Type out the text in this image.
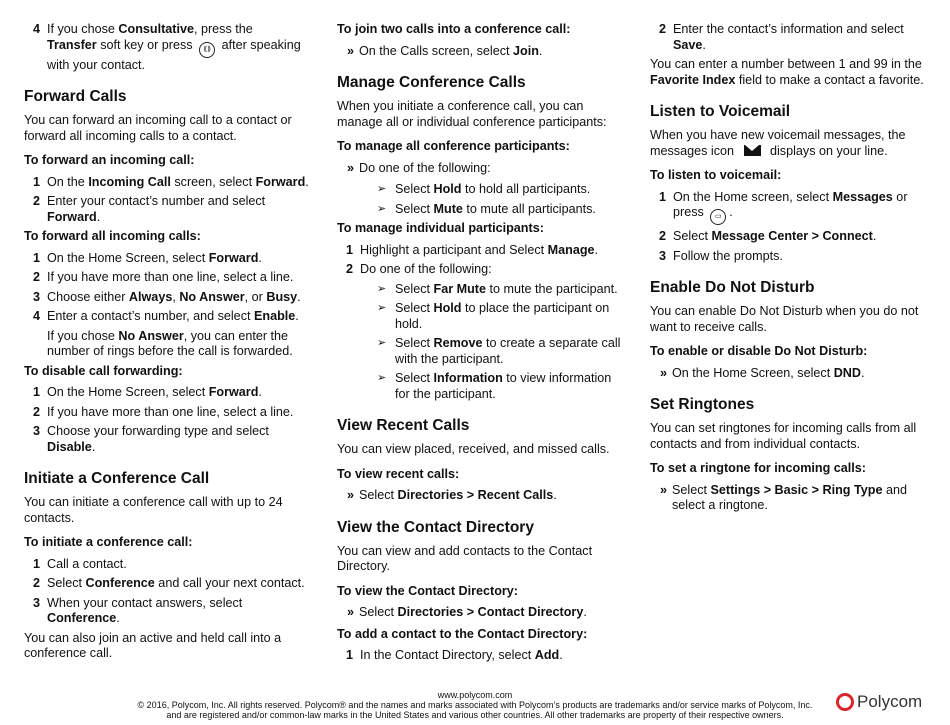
4 If you chose Consultative, press the
Transfer soft key or press ⟪⟫ after speaking with your contact.
Forward Calls
You can forward an incoming call to a contact or forward all incoming calls to a contact.
To forward an incoming call:
1 On the Incoming Call screen, select Forward.
2 Enter your contact’s number and select Forward.
To forward all incoming calls:
1 On the Home Screen, select Forward.
2 If you have more than one line, select a line.
3 Choose either Always, No Answer, or Busy.
4 Enter a contact’s number, and select Enable.
If you chose No Answer, you can enter the number of rings before the call is forwarded.
To disable call forwarding:
1 On the Home Screen, select Forward.
2 If you have more than one line, select a line.
3 Choose your forwarding type and select Disable.
Initiate a Conference Call
You can initiate a conference call with up to 24 contacts.
To initiate a conference call:
1 Call a contact.
2 Select Conference and call your next contact.
3 When your contact answers, select Conference.
You can also join an active and held call into a conference call.
To join two calls into a conference call:
» On the Calls screen, select Join.
Manage Conference Calls
When you initiate a conference call, you can manage all or individual conference participants:
To manage all conference participants:
» Do one of the following:
➢ Select Hold to hold all participants.
➢ Select Mute to mute all participants.
To manage individual participants:
1 Highlight a participant and Select Manage.
2 Do one of the following:
➢ Select Far Mute to mute the participant.
➢ Select Hold to place the participant on hold.
➢ Select Remove to create a separate call with the participant.
➢ Select Information to view information for the participant.
View Recent Calls
You can view placed, received, and missed calls.
To view recent calls:
» Select Directories > Recent Calls.
View the Contact Directory
You can view and add contacts to the Contact Directory.
To view the Contact Directory:
» Select Directories > Contact Directory.
To add a contact to the Contact Directory:
1 In the Contact Directory, select Add.
2 Enter the contact’s information and select Save.
You can enter a number between 1 and 99 in the Favorite Index field to make a contact a favorite.
Listen to Voicemail
When you have new voicemail messages, the messages icon  displays on your line.
To listen to voicemail:
1 On the Home screen, select Messages or press ▭ .
2 Select Message Center > Connect.
3 Follow the prompts.
Enable Do Not Disturb
You can enable Do Not Disturb when you do not want to receive calls.
To enable or disable Do Not Disturb:
» On the Home Screen, select DND.
Set Ringtones
You can set ringtones for incoming calls from all contacts and from individual contacts.
To set a ringtone for incoming calls:
» Select Settings > Basic > Ring Type and select a ringtone.
www.polycom.com
© 2016, Polycom, Inc. All rights reserved. Polycom® and the names and marks associated with Polycom’s products are trademarks and/or service marks of Polycom, Inc.
and are registered and/or common-law marks in the United States and various other countries. All other trademarks are property of their respective owners.
Polycom
